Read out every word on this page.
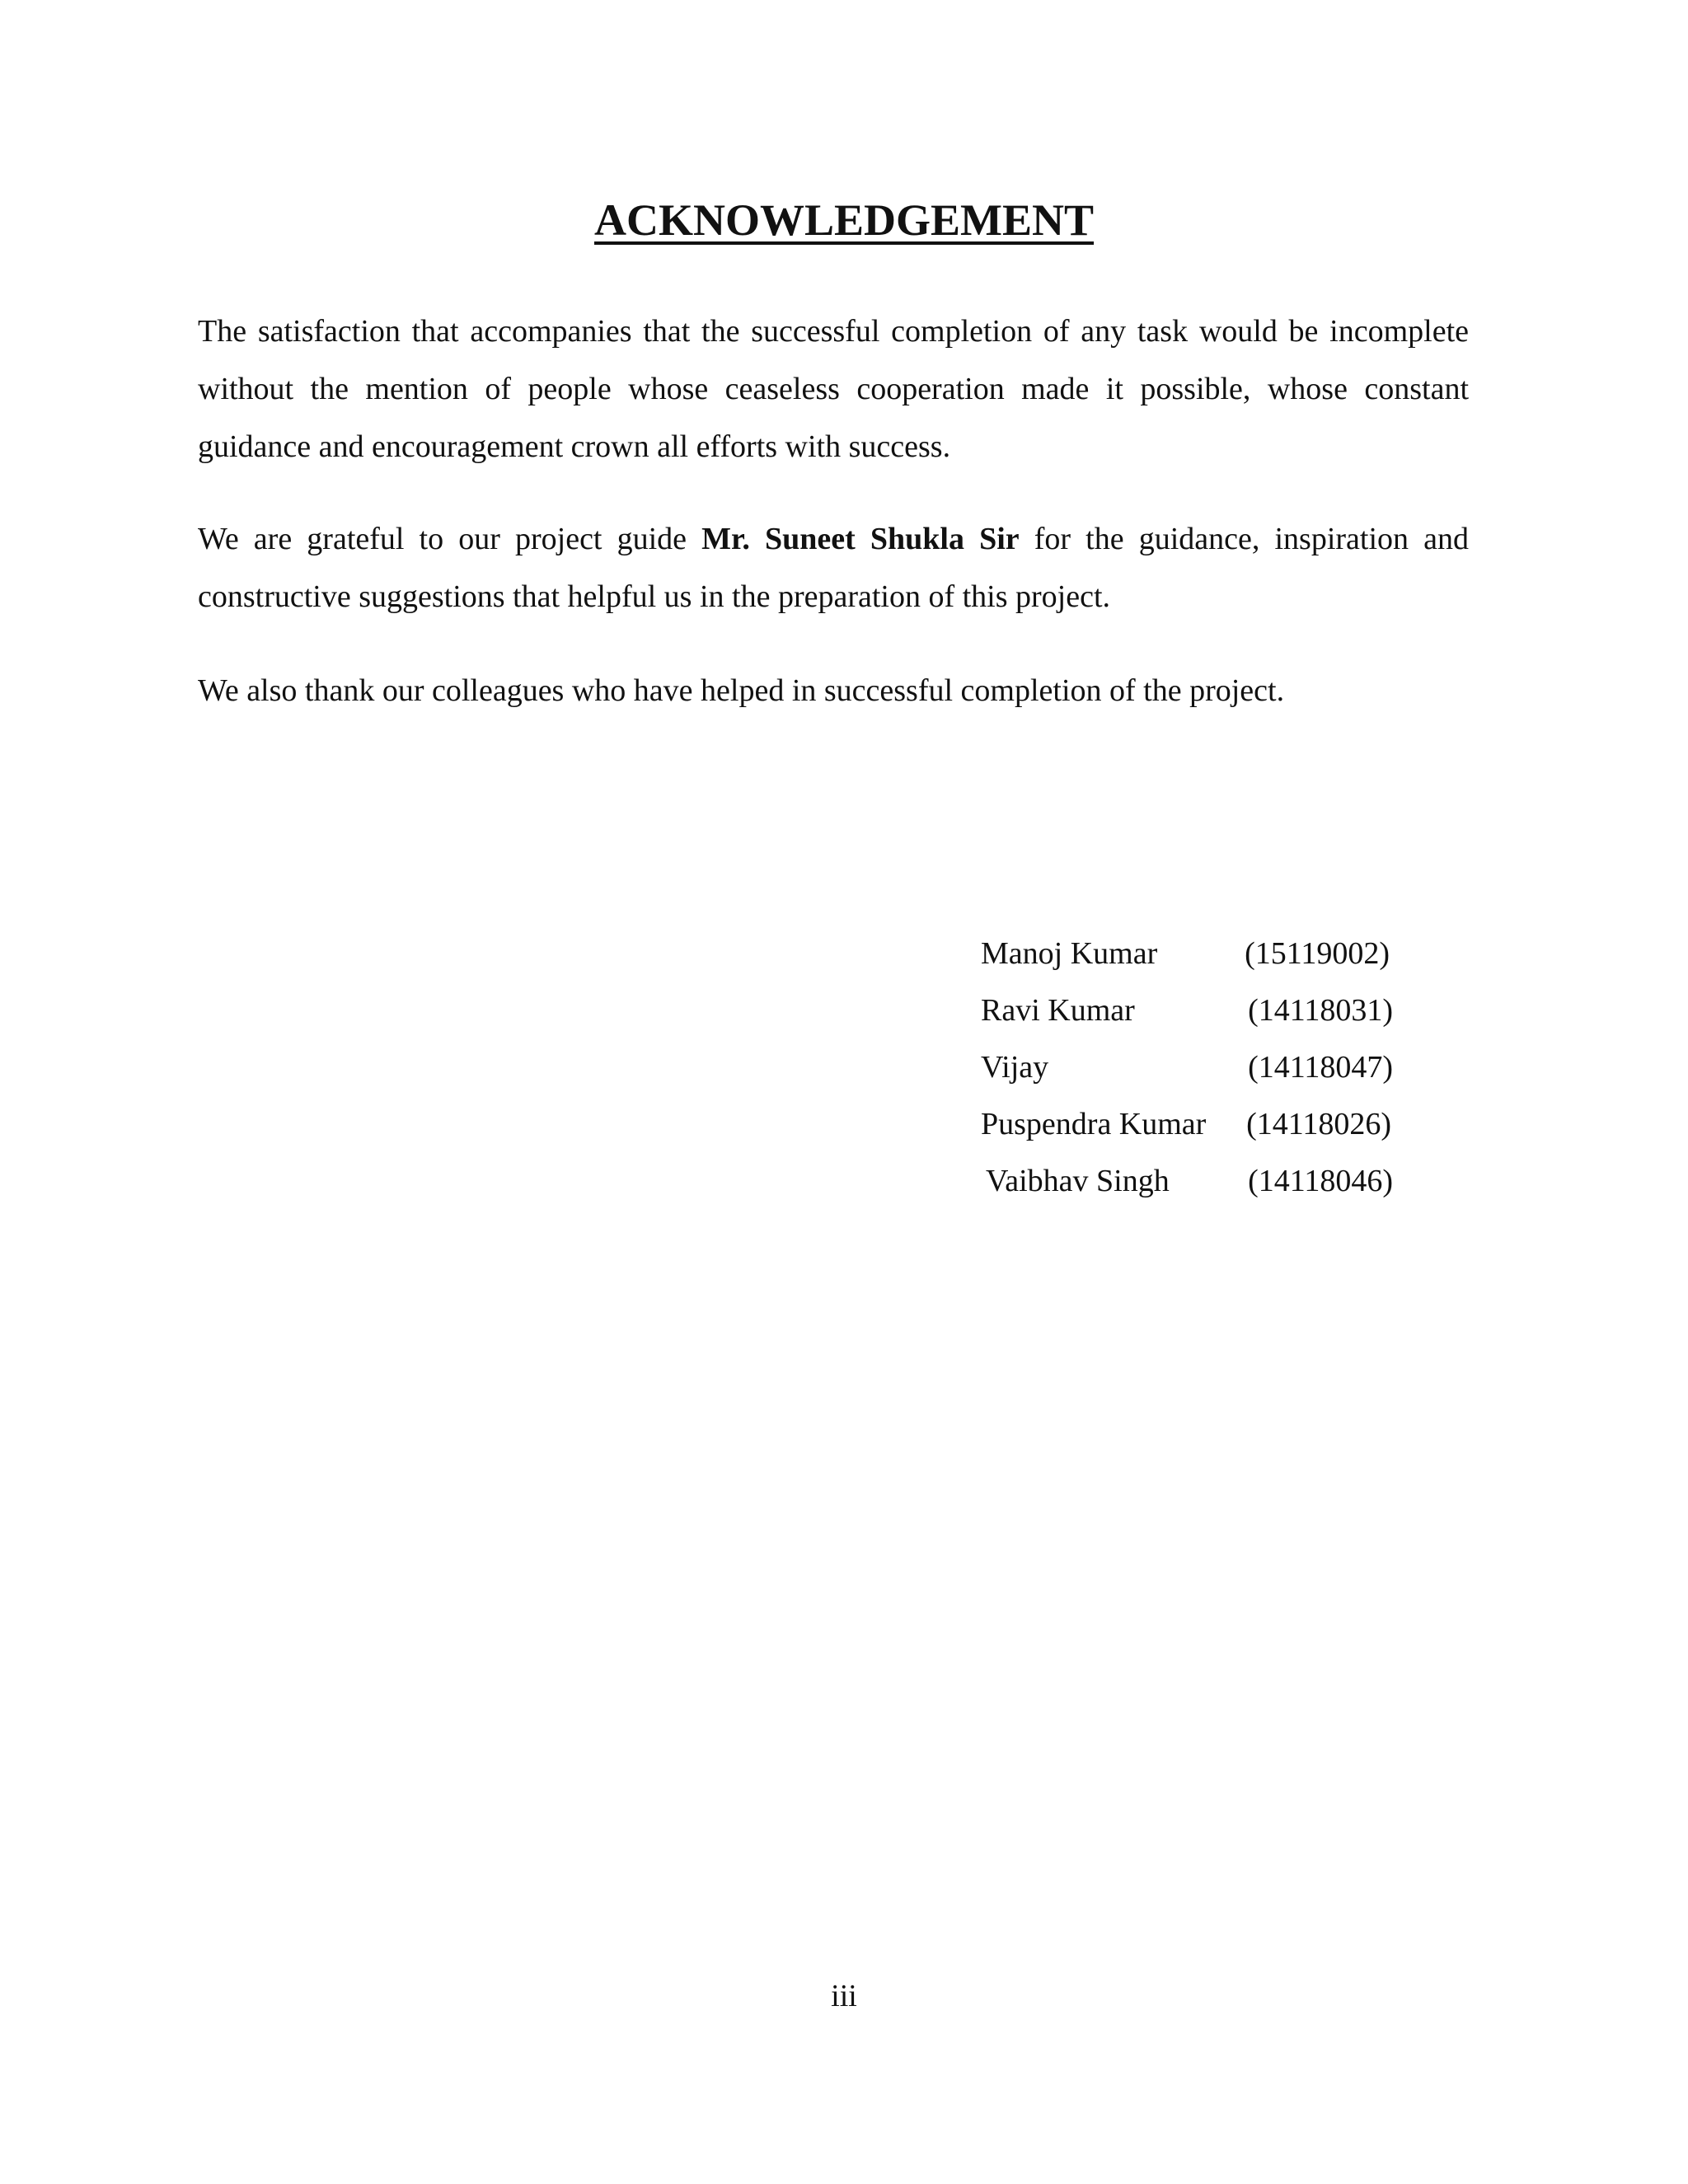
ACKNOWLEDGEMENT

The satisfaction that accompanies that the successful completion of any task would be incomplete without the mention of people whose ceaseless cooperation made it possible, whose constant guidance and encouragement crown all efforts with success.

We are grateful to our project guide Mr. Suneet Shukla Sir for the guidance, inspiration and constructive suggestions that helpful us in the preparation of this project.

We also thank our colleagues who have helped in successful completion of the project.

Manoj Kumar	(15119002)
Ravi Kumar	(14118031)
Vijay	(14118047)
Puspendra Kumar (14118026)
Vaibhav Singh	(14118046)
iii
